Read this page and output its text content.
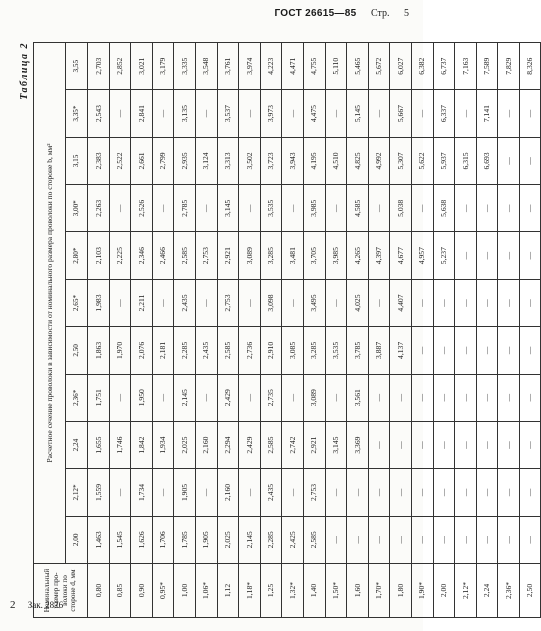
ГОСТ 26615—85 Стр. 5
Таблица 2
Номинальный размер про-волоки по стороне d, мм	Расчетное сечение проволоки в зависимости от номинального размера проволоки по стороне b, мм²										
	2,00	2,12*	2,24	2,36*	2,50	2,65*	2,80*	3,00*	3,15	3,35*	3,55
0,80	1,463	1,559	1,655	1,751	1,863	1,983	2,103	2,263	2,383	2,543	2,703
0,85	1,545	—	1,746	—	1,970	—	2,225	—	2,522	—	2,852
0,90	1,626	1,734	1,842	1,950	2,076	2,211	2,346	2,526	2,661	2,841	3,021
0,95*	1,706	—	1,934	—	2,181	—	2,466	—	2,799	—	3,179
1,00	1,785	1,905	2,025	2,145	2,285	2,435	2,585	2,785	2,935	3,135	3,335
1,06*	1,905	—	2,160	—	2,435	—	2,753	—	3,124	—	3,548
1,12	2,025	2,160	2,294	2,429	2,585	2,753	2,921	3,145	3,313	3,537	3,761
1,18*	2,145	—	2,429	—	2,736	—	3,089	—	3,502	—	3,974
1,25	2,285	2,435	2,585	2,735	2,910	3,098	3,285	3,535	3,723	3,973	4,223
1,32*	2,425	—	2,742	—	3,085	—	3,481	—	3,943	—	4,471
1,40	2,585	2,753	2,921	3,089	3,285	3,495	3,705	3,985	4,195	4,475	4,755
1,50*	—	—	3,145	—	3,535	—	3,985	—	4,510	—	5,110
1,60	—	—	3,369	3,561	3,785	4,025	4,265	4,585	4,825	5,145	5,465
1,70*	—	—	—	—	3,887	—	4,397	—	4,992	—	5,672
1,80	—	—	—	—	4,137	4,407	4,677	5,038	5,307	5,667	6,027
1,90*	—	—	—	—	—	—	4,957	—	5,622	—	6,382
2,00	—	—	—	—	—	—	5,237	5,638	5,937	6,337	6,737
2,12*	—	—	—	—	—	—	—	—	6,315	—	7,163
2,24	—	—	—	—	—	—	—	—	6,693	7,141	7,589
2,36*	—	—	—	—	—	—	—	—	—	—	7,829
2,50	—	—	—	—	—	—	—	—	—	—	8,326
2 Зак. 2876
